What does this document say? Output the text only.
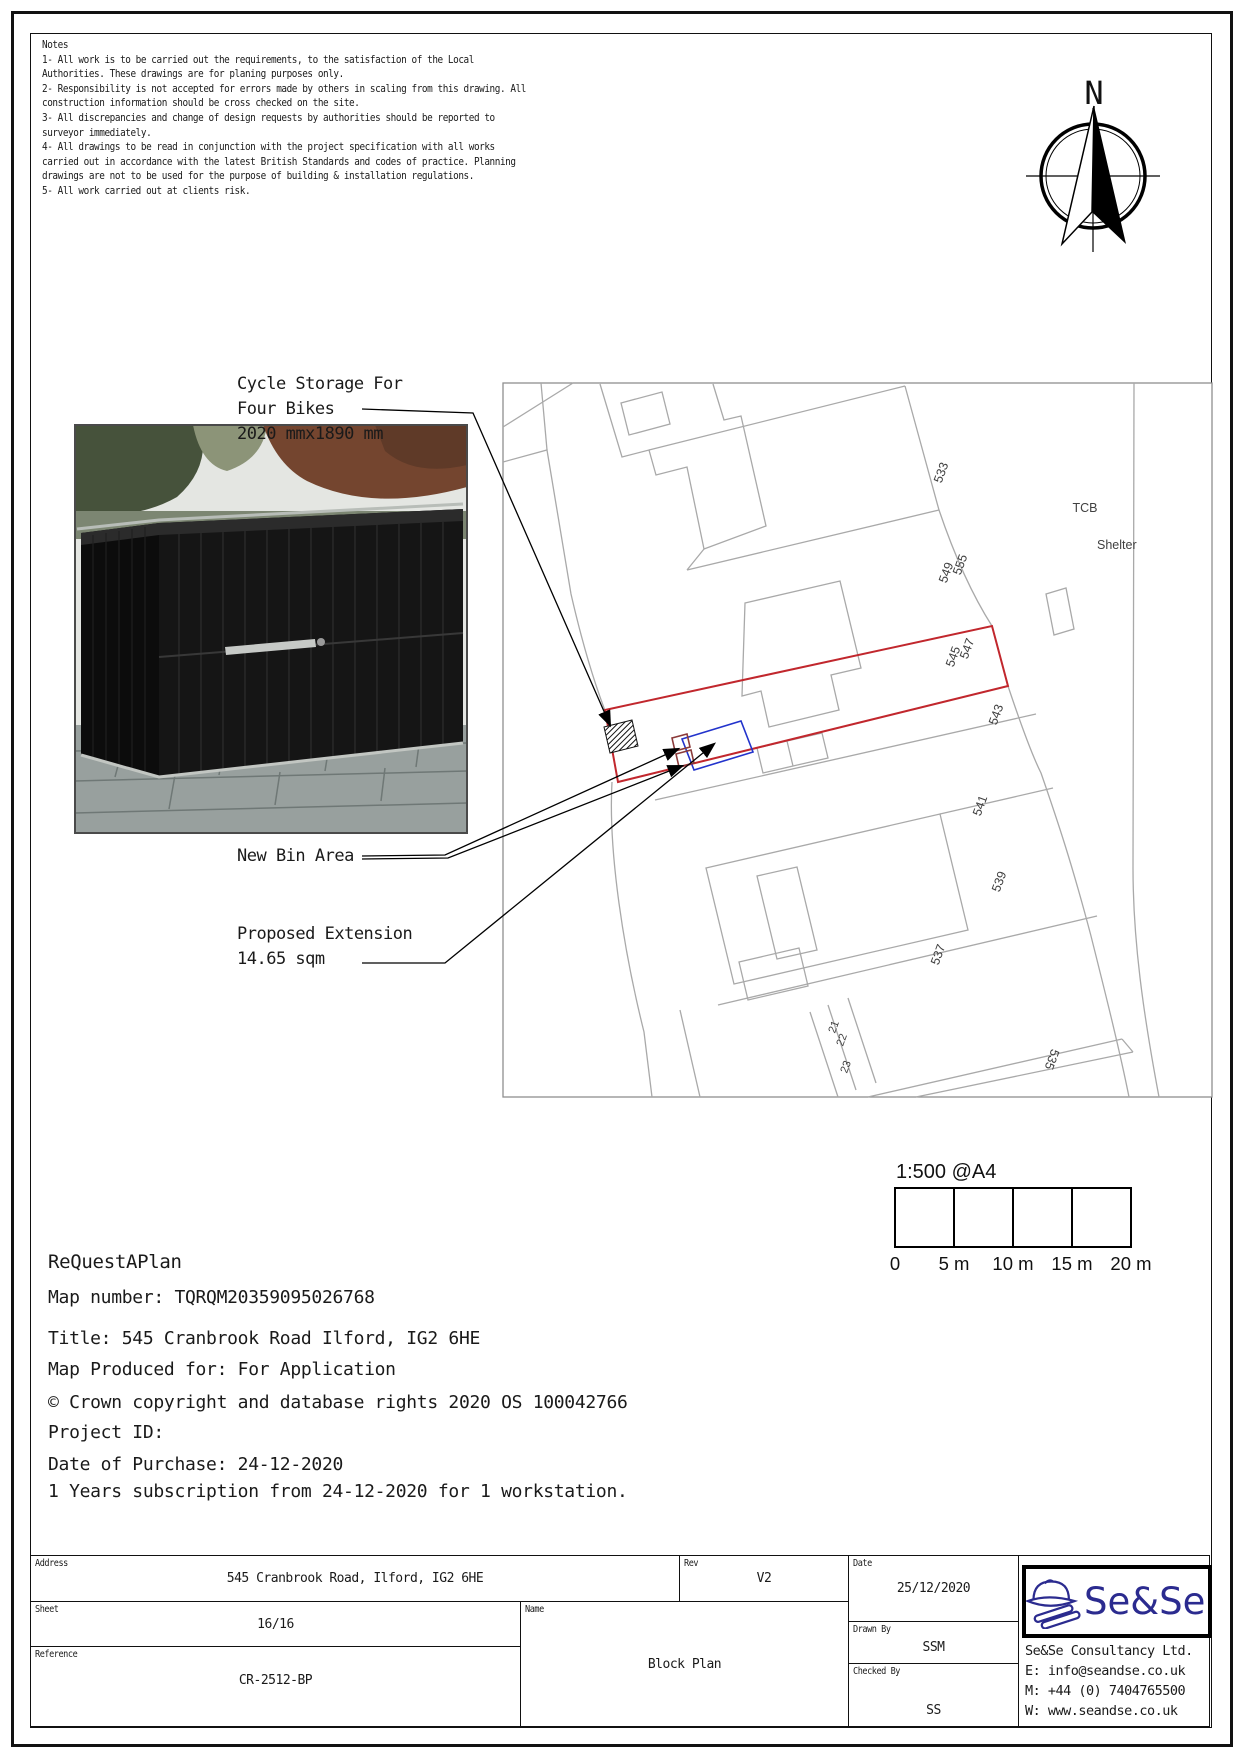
N
533
549
555
545
547
543
541
539
537
535
21
22
23
TCB
Shelter
1:500 @A4
0 5 m 10 m 15 m 20 m
Notes
1- All work is to be carried out the requirements, to the satisfaction of the Local Authorities. These drawings are for planing purposes only.
2- Responsibility is not accepted for errors made by others in scaling from this drawing. All construction information should be cross checked on the site.
3- All discrepancies and change of design requests by authorities should be reported to surveyor immediately.
4- All drawings to be read in conjunction with the project specification with all works carried out in accordance with the latest British Standards and codes of practice. Planning drawings are not to be used for the purpose of building & installation regulations.
5- All work carried out at clients risk.
Cycle Storage For
Four Bikes
2020 mmx1890 mm
New Bin Area
Proposed Extension
14.65 sqm
ReQuestAPlan
Map number: TQRQM20359095026768
Title: 545 Cranbrook Road Ilford, IG2 6HE
Map Produced for: For Application
© Crown copyright and database rights 2020 OS 100042766
Project ID:
Date of Purchase: 24-12-2020
1 Years subscription from 24-12-2020 for 1 workstation.
Address
545 Cranbrook Road, Ilford, IG2 6HE
Rev
V2
Date
25/12/2020
Sheet
16/16
Name
Block Plan
Drawn By
SSM
Reference
CR-2512-BP
Checked By
SS
Se&Se
Se&Se Consultancy Ltd.
E: info@seandse.co.uk
M: +44 (0) 7404765500
W: www.seandse.co.uk
